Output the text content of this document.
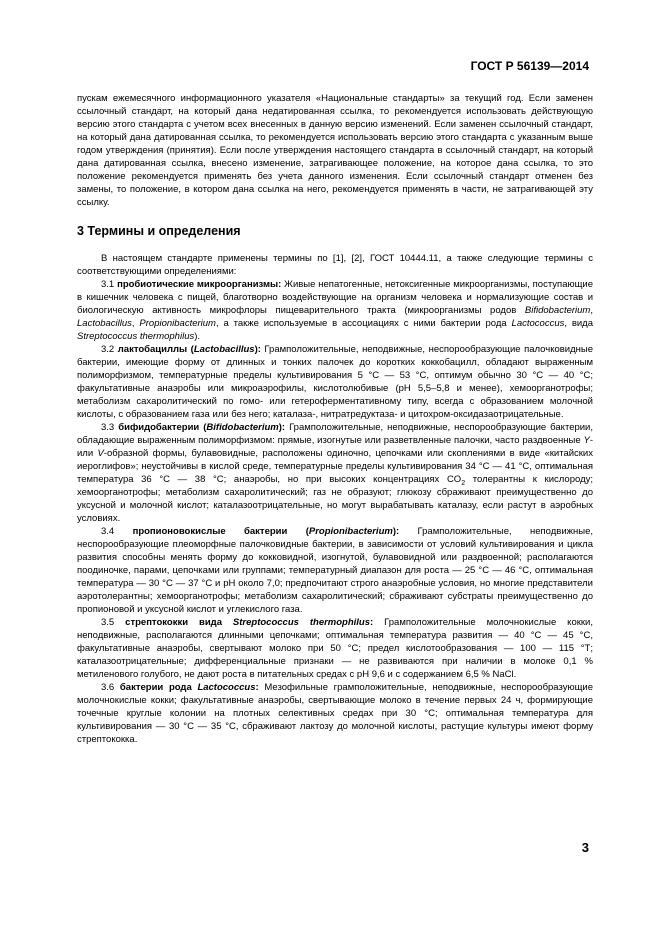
ГОСТ Р 56139—2014

пускам ежемесячного информационного указателя «Национальные стандарты» за текущий год. Если заменен ссылочный стандарт, на который дана недатированная ссылка, то рекомендуется использовать действующую версию этого стандарта с учетом всех внесенных в данную версию изменений. Если заменен ссылочный стандарт, на который дана датированная ссылка, то рекомендуется использовать версию этого стандарта с указанным выше годом утверждения (принятия). Если после утверждения настоящего стандарта в ссылочный стандарт, на который дана датированная ссылка, внесено изменение, затрагивающее положение, на которое дана ссылка, то это положение рекомендуется применять без учета данного изменения. Если ссылочный стандарт отменен без замены, то положение, в котором дана ссылка на него, рекомендуется применять в части, не затрагивающей эту ссылку.

3 Термины и определения

В настоящем стандарте применены термины по [1], [2], ГОСТ 10444.11, а также следующие термины с соответствующими определениями:

3.1 пробиотические микроорганизмы: Живые непатогенные, нетоксигенные микроорганизмы, поступающие в кишечник человека с пищей, благотворно воздействующие на организм человека и нормализующие состав и биологическую активность микрофлоры пищеварительного тракта (микроорганизмы родов Bifidobacterium, Lactobacillus, Propionibacterium, а также используемые в ассоциациях с ними бактерии рода Lactococcus, вида Streptococcus thermophilus).

3.2 лактобациллы (Lactobacillus): Грамположительные, неподвижные, неспорообразующие палочковидные бактерии, имеющие форму от длинных и тонких палочек до коротких коккобацилл, обладают выраженным полиморфизмом, температурные пределы культивирования 5 °С — 53 °С, оптимум обычно 30 °С — 40 °С; факультативные анаэробы или микроаэрофилы, кислотолюбивые (рН 5,5–5,8 и менее), хемоорганотрофы; метаболизм сахаролитический по гомо- или гетероферментативному типу, всегда с образованием молочной кислоты, с образованием газа или без него; каталаза-, нитратредуктаза- и цитохром-оксидазаотрицательные.

3.3 бифидобактерии (Bifidobacterium): Грамположительные, неподвижные, неспорообразующие бактерии, обладающие выраженным полиморфизмом: прямые, изогнутые или разветвленные палочки, часто раздвоенные Y- или V-образной формы, булавовидные, расположены одиночно, цепочками или скоплениями в виде «китайских иероглифов»; неустойчивы в кислой среде, температурные пределы культивирования 34 °С — 41 °С, оптимальная температура 36 °С — 38 °С; анаэробы, но при высоких концентрациях $CO_2$ толерантны к кислороду; хемоорганотрофы; метаболизм сахаролитический; газ не образуют; глюкозу сбраживают преимущественно до уксусной и молочной кислот; каталазоотрицательные, но могут вырабатывать каталазу, если растут в аэробных условиях.

3.4 пропионовокислые бактерии (Propionibacterium): Грамположительные, неподвижные, неспорообразующие плеоморфные палочковидные бактерии, в зависимости от условий культивирования и цикла развития способны менять форму до кокковидной, изогнутой, булавовидной или раздвоенной; располагаются поодиночке, парами, цепочками или группами; температурный диапазон для роста — 25 °С — 46 °С, оптимальная температура — 30 °С — 37 °С и рН около 7,0; предпочитают строго анаэробные условия, но многие представители аэротолерантны; хемоорганотрофы; метаболизм сахаролитический; сбраживают субстраты преимущественно до пропионовой и уксусной кислот и углекислого газа.

3.5 стрептококки вида Streptococcus thermophilus: Грамположительные молочнокислые кокки, неподвижные, располагаются длинными цепочками; оптимальная температура развития — 40 °С — 45 °С, факультативные анаэробы, свертывают молоко при 50 °С; предел кислотообразования — 100 — 115 °Т; каталазоотрицательные; дифференциальные признаки — не развиваются при наличии в молоке 0,1 % метиленового голубого, не дают роста в питательных средах с рН 9,6 и с содержанием 6,5 % NaCl.

3.6 бактерии рода Lactococcus: Мезофильные грамположительные, неподвижные, неспорообразующие молочнокислые кокки; факультативные анаэробы, свертывающие молоко в течение первых 24 ч, формирующие точечные круглые колонии на плотных селективных средах при 30 °С; оптимальная температура для культивирования — 30 °С — 35 °С, сбраживают лактозу до молочной кислоты, растущие культуры имеют форму стрептококка.

3
